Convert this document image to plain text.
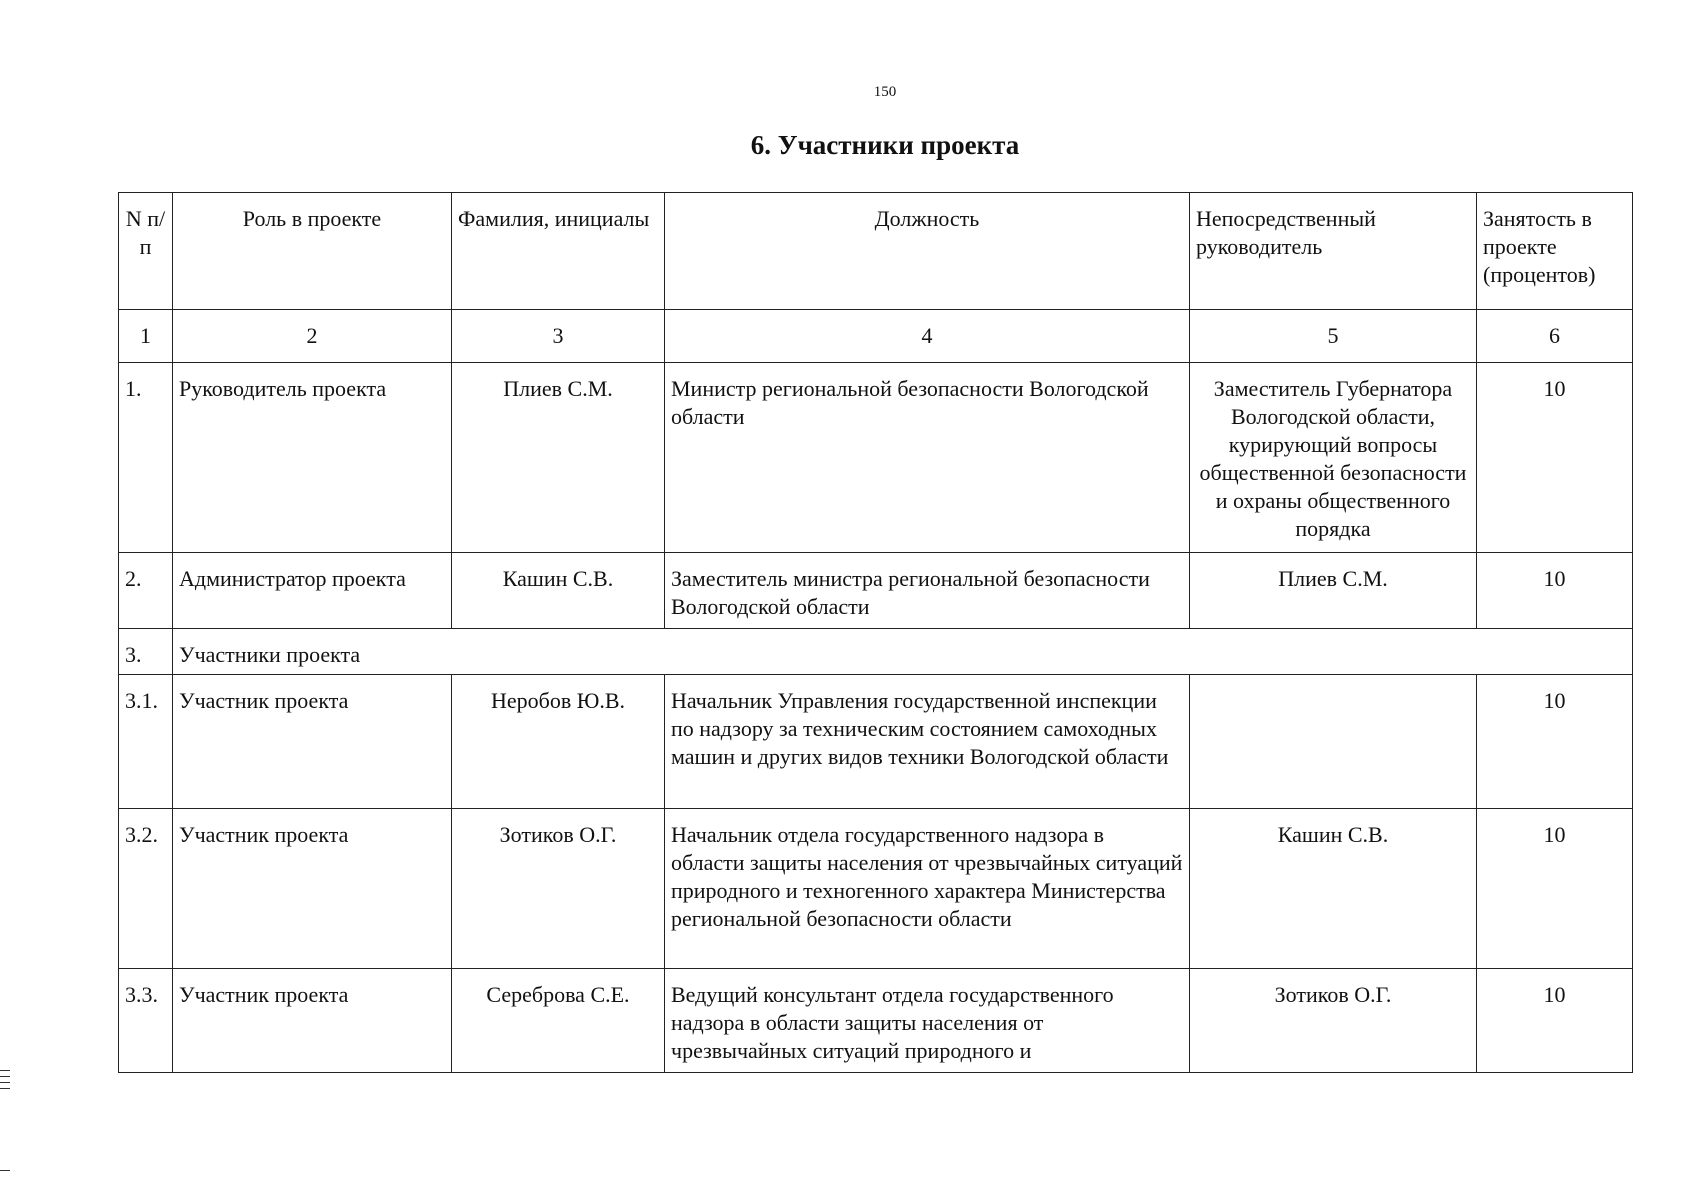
150
6. Участники проекта
N п/п	Роль в проекте	Фамилия, инициалы	Должность	Непосредственный руководитель	Занятость в проекте (процентов)
1	2	3	4	5	6
1.	Руководитель проекта	Плиев С.М.	Министр региональной безопасности Вологодской области	Заместитель Губернатора Вологодской области, курирующий вопросы общественной безопасности и охраны общественного порядка	10
2.	Администратор проекта	Кашин С.В.	Заместитель министра региональной безопасности Вологодской области	Плиев С.М.	10
3.	Участники проекта				
3.1.	Участник проекта	Неробов Ю.В.	Начальник Управления государственной инспекции по надзору за техническим состоянием самоходных машин и других видов техники Вологодской области		10
3.2.	Участник проекта	Зотиков О.Г.	Начальник отдела государственного надзора в области защиты населения от чрезвычайных ситуаций природного и техногенного характера Министерства региональной безопасности области	Кашин С.В.	10
3.3.	Участник проекта	Сереброва С.Е.	Ведущий консультант отдела государственного надзора в области защиты населения от чрезвычайных ситуаций природного и	Зотиков О.Г.	10
